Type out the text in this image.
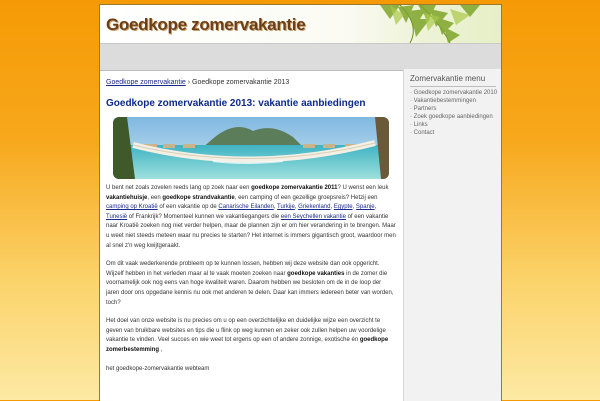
Goedkope zomervakantie
Goedkope zomervakantie › Goedkope zomervakantie 2013
Goedkope zomervakantie 2013: vakantie aanbiedingen

U bent net zoals zovelen reeds lang op zoek naar een goedkope zomervakantie 2011? U wenst een leuk vakantiehuisje, een goedkope strandvakantie, een camping of een gezellige groepsreis? Hetzij een camping op Kroatië of een vakantie op de Canarische Eilanden, Turkije, Griekenland, Egypte, Spanje, Tunesië of Frankrijk? Momenteel kunnen we vakantiegangers die een Seychellen vakantie of een vakantie naar Kroatië zoeken nog niet verder helpen, maar de plannen zijn er om hier verandering in te brengen. Maar u weet niet steeds meteen waar nu precies te starten? Het internet is immers gigantisch groot, waardoor men al snel z'n weg kwijtgeraakt.

Om dit vaak wederkerende probleem op te kunnen lossen, hebben wij deze website dan ook opgericht. Wijzelf hebben in het verleden maar al te vaak moeten zoeken naar goedkope vakanties in de zomer die voornamelijk ook nog eens van hoge kwaliteit waren. Daarom hebben we besloten om de in de loop der jaren door ons opgedane kennis nu ook met anderen te delen. Daar kan immers iedereen beter van worden, toch?

Het doel van onze website is nu precies om u op een overzichtelijke en duidelijke wijze een overzicht te geven van bruikbare websites en tips die u flink op weg kunnen en zeker ook zullen helpen uw voordelige vakantie te vinden. Veel succes en wie weet tot ergens op een of andere zonnige, exotische én goedkope zomerbestemming ,

het goedkope-zomervakantie webteam

Zomervakantie menu
· Goedkope zomervakantie 2010
· Vakantiebestemmingen
· Partners
· Zoek goedkope aanbiedingen
· Links
· Contact
